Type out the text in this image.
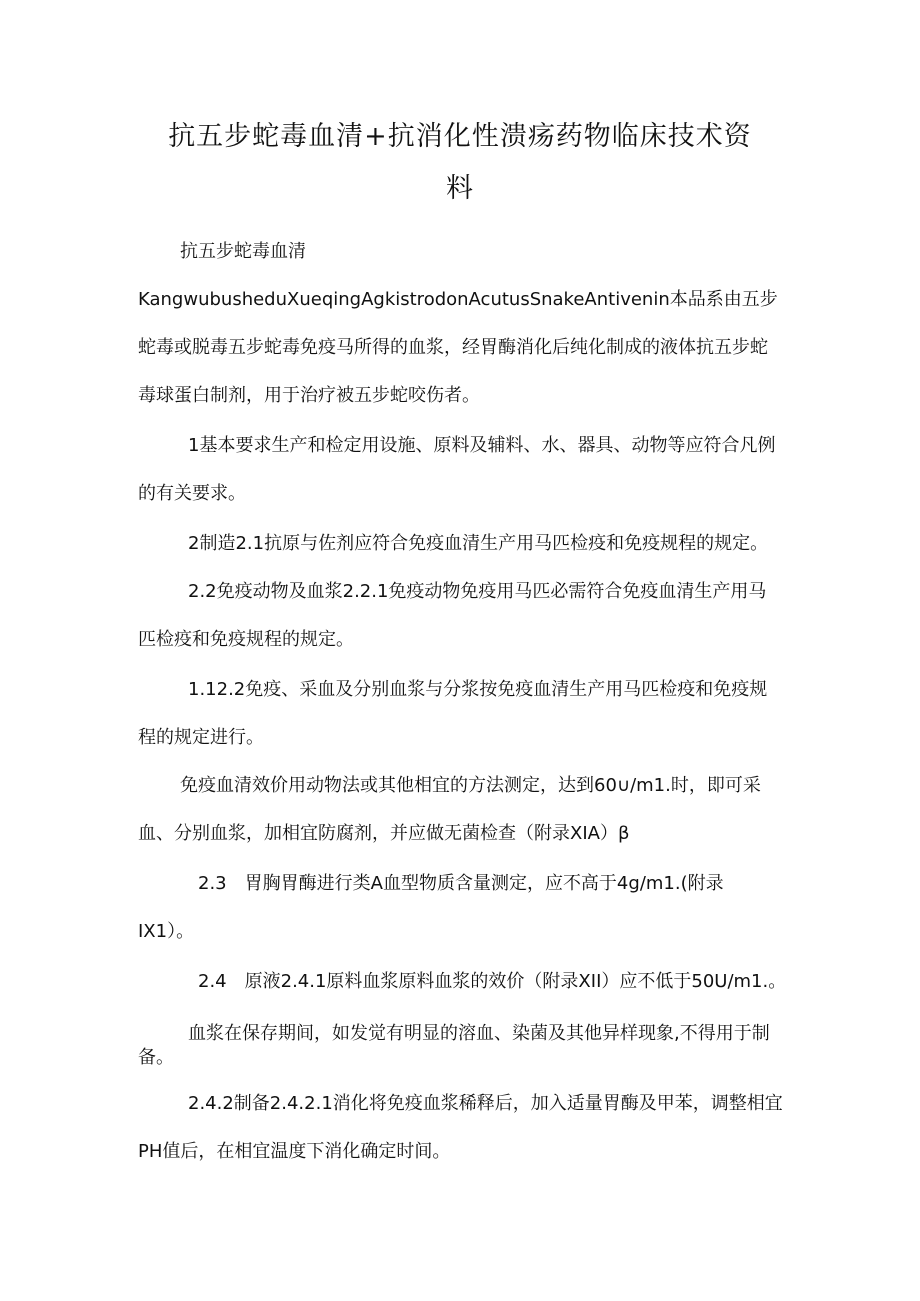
抗五步蛇毒血清+抗消化性溃疡药物临床技术资
料
抗五步蛇毒血清
KangwubusheduXueqingAgkistrodonAcutusSnakeAntivenin本品系由五步
蛇毒或脱毒五步蛇毒免疫马所得的血浆，经胃酶消化后纯化制成的液体抗五步蛇
毒球蛋白制剂，用于治疗被五步蛇咬伤者。
1基本要求生产和检定用设施、原料及辅料、水、器具、动物等应符合凡例
的有关要求。
2制造2.1抗原与佐剂应符合免疫血清生产用马匹检疫和免疫规程的规定。
2.2免疫动物及血浆2.2.1免疫动物免疫用马匹必需符合免疫血清生产用马
匹检疫和免疫规程的规定。
1.12.2免疫、采血及分别血浆与分浆按免疫血清生产用马匹检疫和免疫规
程的规定进行。
免疫血清效价用动物法或其他相宜的方法测定，达到60∪/m1.时，即可采
血、分别血浆，加相宜防腐剂，并应做无菌检查（附录XIA）β
2.3　胃胸胃酶进行类A血型物质含量测定，应不高于4g/m1.(附录
IX1）。
2.4　原液2.4.1原料血浆原料血浆的效价（附录XII）应不低于50U/m1.。
血浆在保存期间，如发觉有明显的溶血、染菌及其他异样现象,不得用于制
备。
2.4.2制备2.4.2.1消化将免疫血浆稀释后，加入适量胃酶及甲苯，调整相宜
PH值后，在相宜温度下消化确定时间。
